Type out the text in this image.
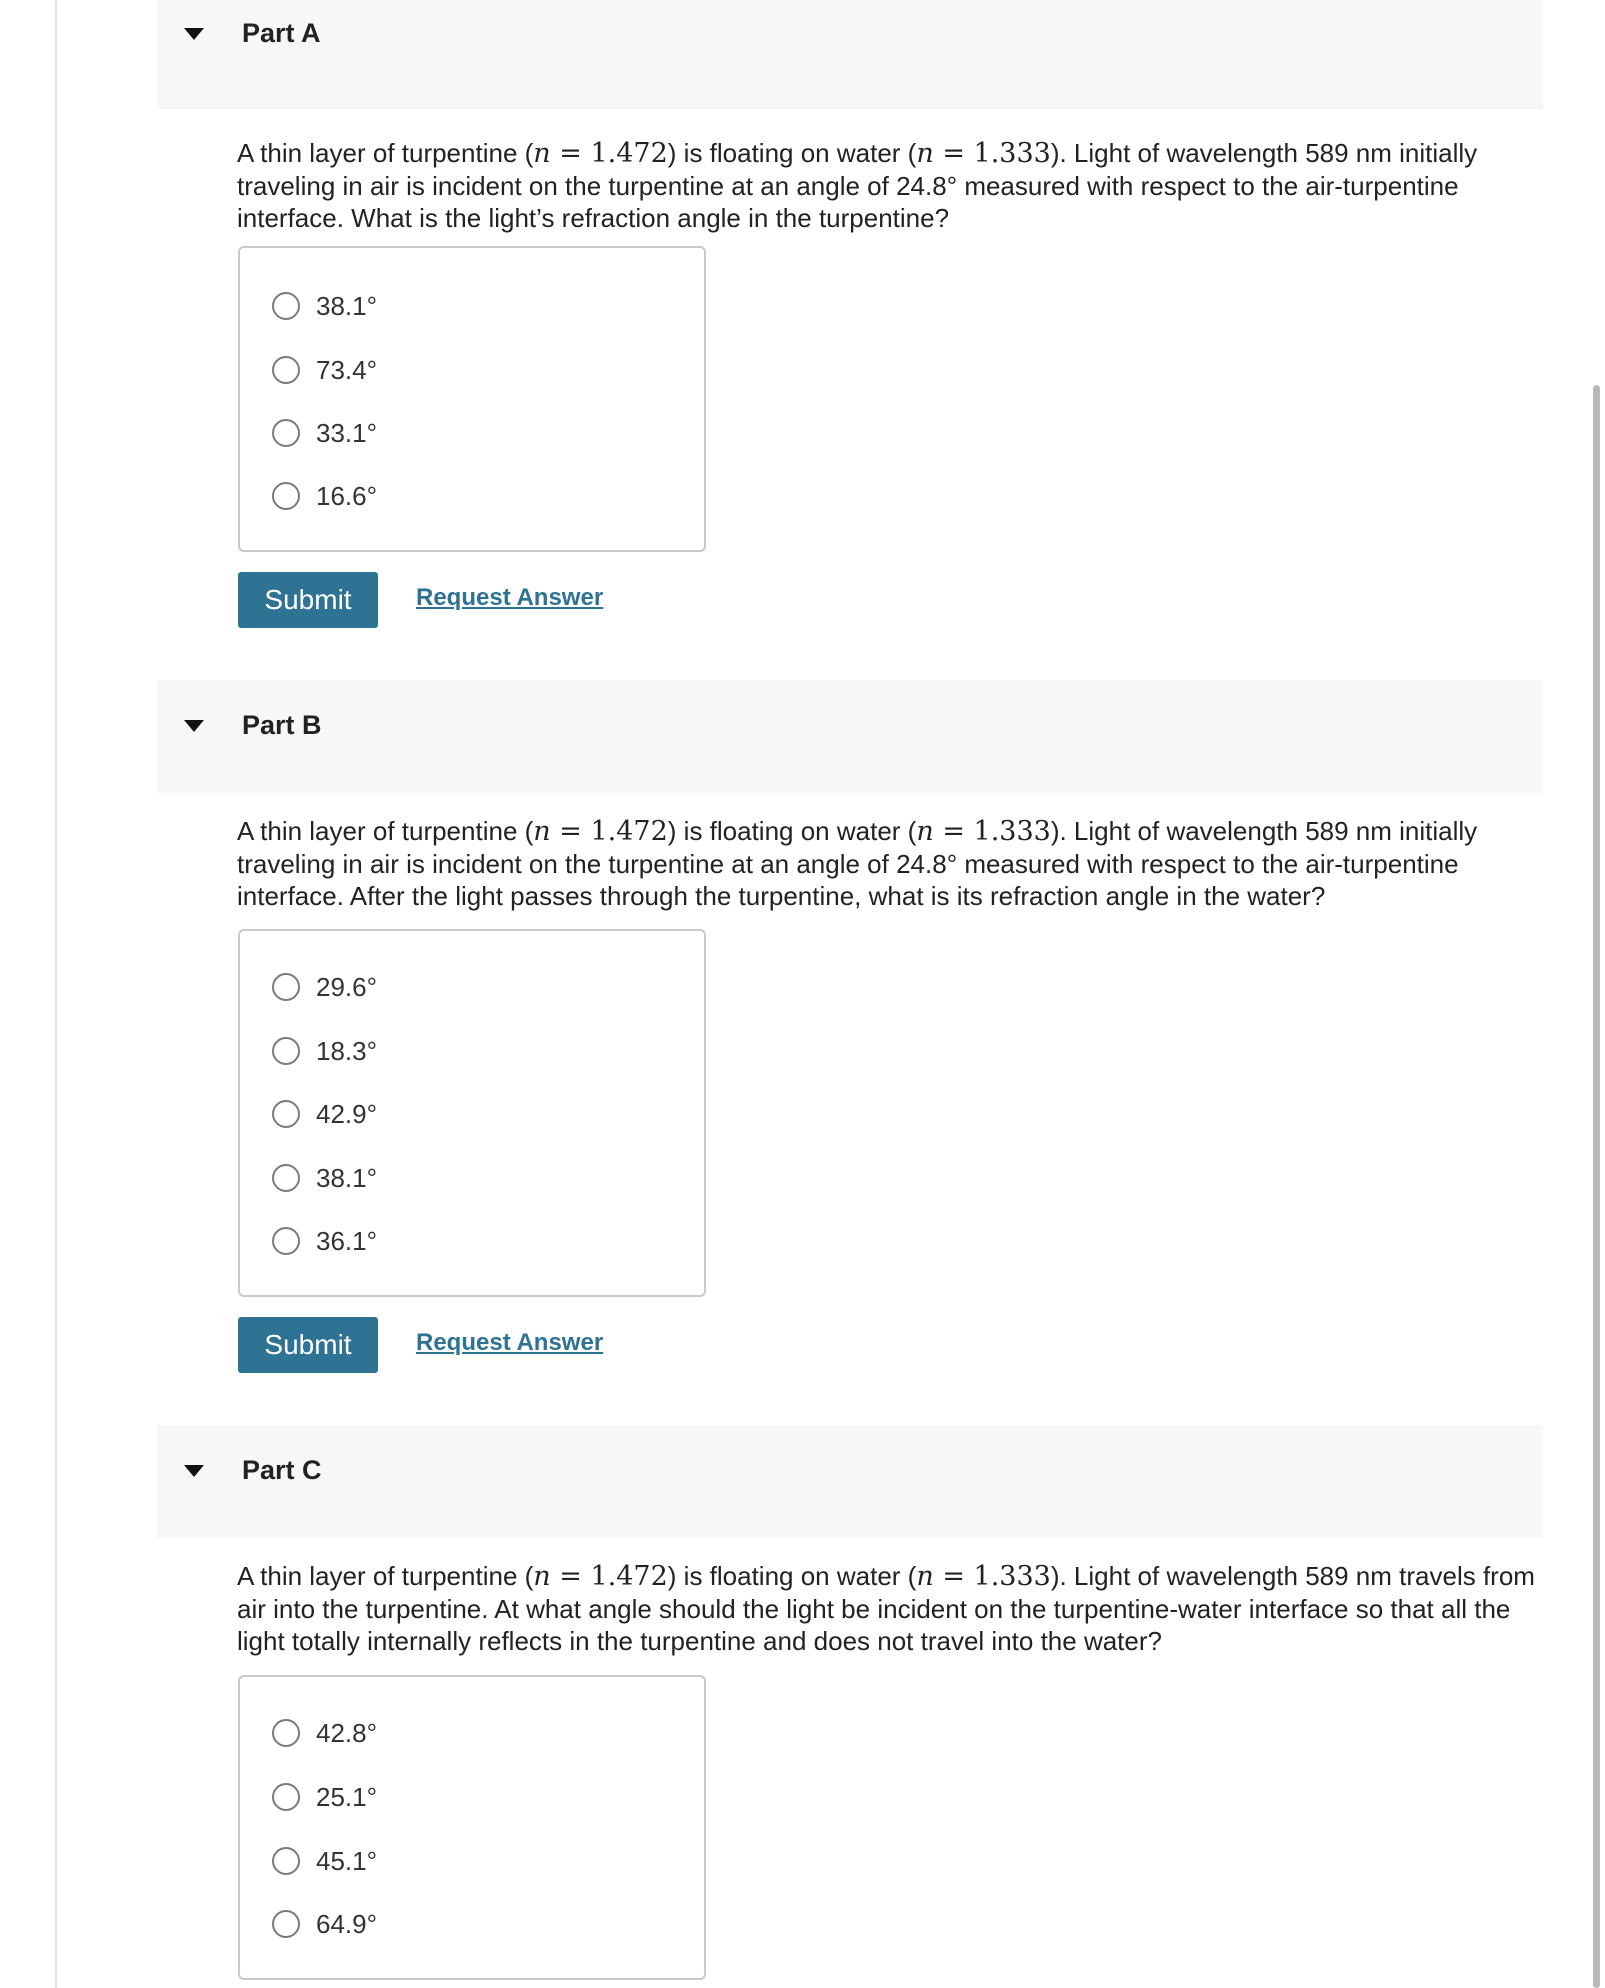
Part A

A thin layer of turpentine (n = 1.472) is floating on water (n = 1.333). Light of wavelength 589 nm initially traveling in air is incident on the turpentine at an angle of 24.8° measured with respect to the air-turpentine interface. What is the light’s refraction angle in the turpentine?

38.1°
73.4°
33.1°
16.6°
Submit	Request Answer
Part B

A thin layer of turpentine (n = 1.472) is floating on water (n = 1.333). Light of wavelength 589 nm initially traveling in air is incident on the turpentine at an angle of 24.8° measured with respect to the air-turpentine interface. After the light passes through the turpentine, what is its refraction angle in the water?

29.6°
18.3°
42.9°
38.1°
36.1°
Submit	Request Answer
Part C

A thin layer of turpentine (n = 1.472) is floating on water (n = 1.333). Light of wavelength 589 nm travels from air into the turpentine. At what angle should the light be incident on the turpentine-water interface so that all the light totally internally reflects in the turpentine and does not travel into the water?

42.8°
25.1°
45.1°
64.9°
